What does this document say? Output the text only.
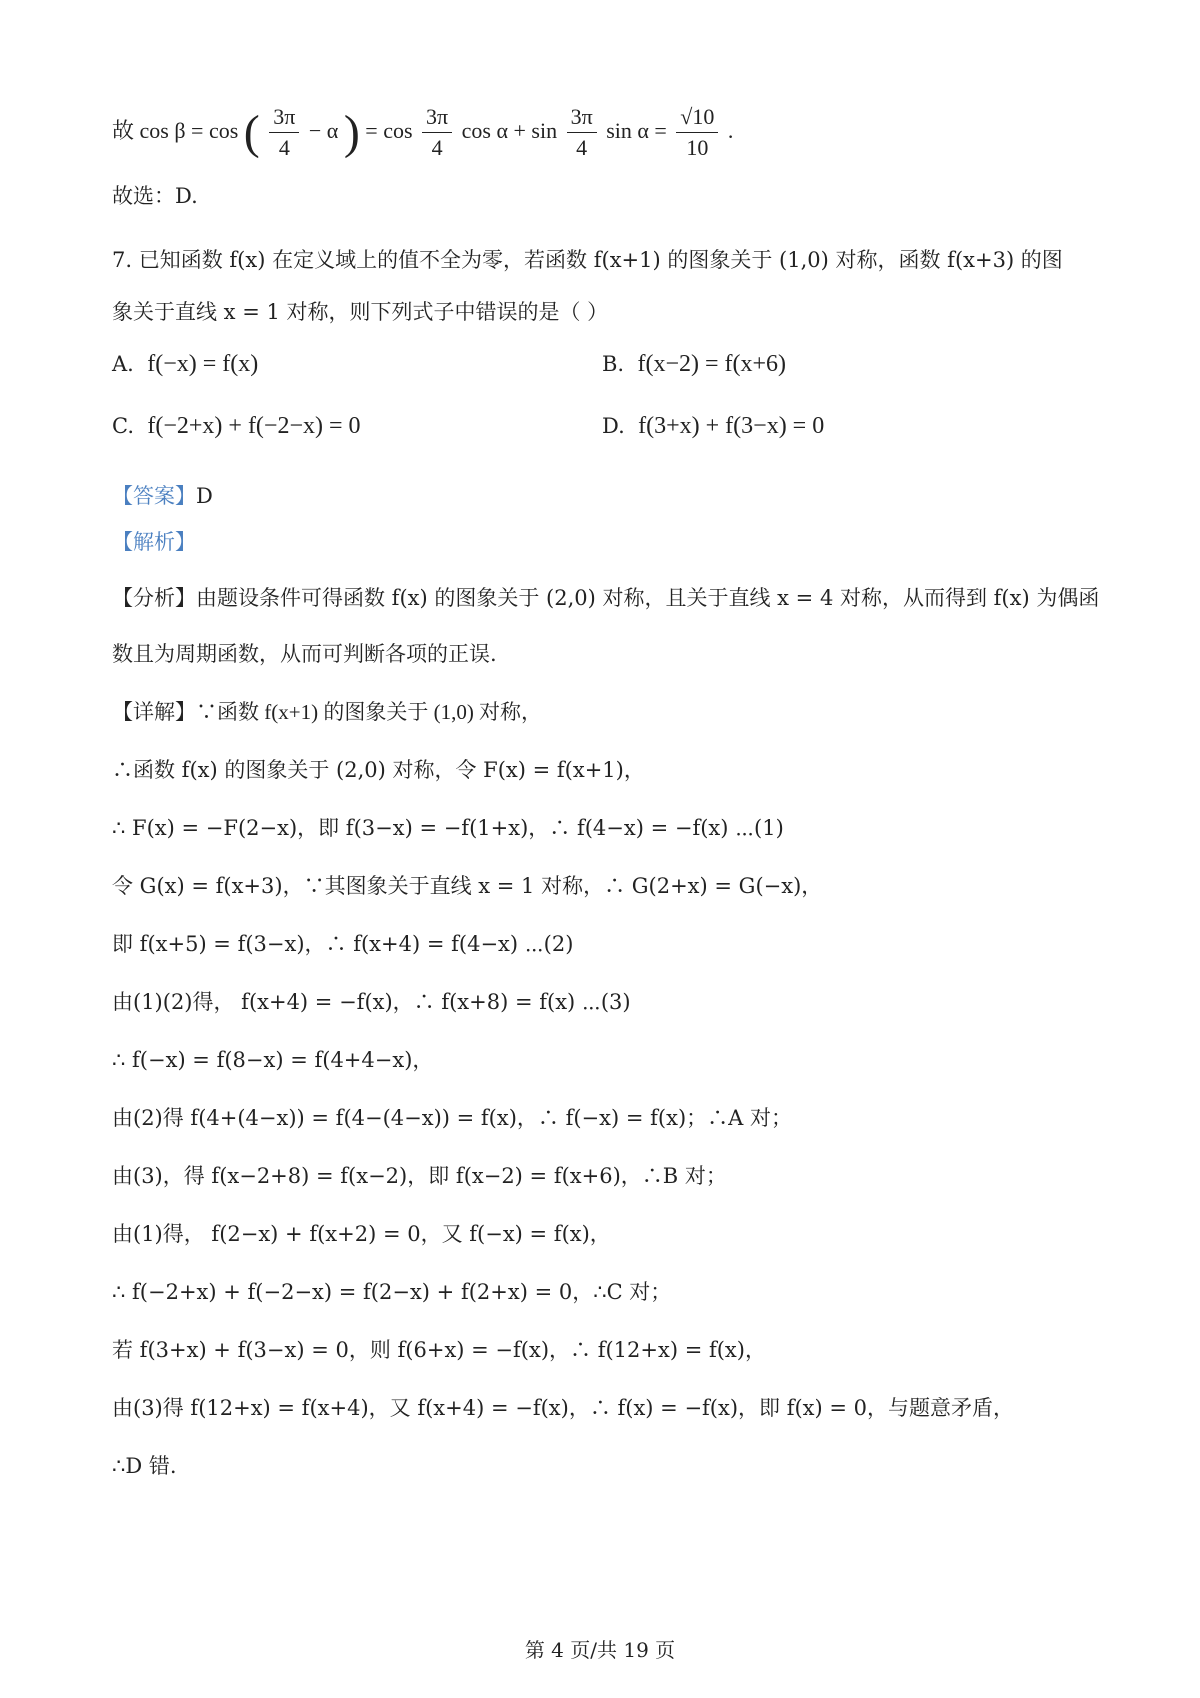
故 cos β = cos ( $\frac{3\pi}{4} - \alpha$ ) = $\cos \frac{3\pi}{4}$ $\cos \alpha + \sin \frac{3\pi}{4}$ $\sin \alpha = \frac{√10}{10}$ .
故选：D.
7. 已知函数 f(x) 在定义域上的值不全为零，若函数 f(x+1) 的图象关于 (1,0) 对称，函数 f(x+3) 的图
象关于直线 x = 1 对称，则下列式子中错误的是（ ）
A. f(−x) = f(x)	B. f(x−2) = f(x+6)
C. f(−2+x) + f(−2−x) = 0	D. f(3+x) + f(3−x) = 0
【答案】D
【解析】
【分析】由题设条件可得函数 f(x) 的图象关于 (2,0) 对称，且关于直线 x = 4 对称，从而得到 f(x) 为偶函
数且为周期函数，从而可判断各项的正误.
【详解】∵函数 f(x+1) 的图象关于 (1,0) 对称，
∴函数 f(x) 的图象关于 (2,0) 对称，令 F(x) = f(x+1)，
∴ F(x) = −F(2−x)，即 f(3−x) = −f(1+x)，∴ f(4−x) = −f(x) ⋯(1)
令 G(x) = f(x+3)，∵其图象关于直线 x = 1 对称，∴ G(2+x) = G(−x)，
即 f(x+5) = f(3−x)，∴ f(x+4) = f(4−x) ⋯(2)
由(1)(2)得， f(x+4) = −f(x)，∴ f(x+8) = f(x) ⋯(3)
∴ f(−x) = f(8−x) = f(4+4−x)，
由(2)得 f(4+(4−x)) = f(4−(4−x)) = f(x)，∴ f(−x) = f(x)；∴A 对；
由(3)，得 f(x−2+8) = f(x−2)，即 f(x−2) = f(x+6)，∴B 对；
由(1)得， f(2−x) + f(x+2) = 0，又 f(−x) = f(x)，
∴ f(−2+x) + f(−2−x) = f(2−x) + f(2+x) = 0，∴C 对；
若 f(3+x) + f(3−x) = 0，则 f(6+x) = −f(x)，∴ f(12+x) = f(x)，
由(3)得 f(12+x) = f(x+4)，又 f(x+4) = −f(x)，∴ f(x) = −f(x)，即 f(x) = 0，与题意矛盾，
∴D 错.
第 4 页/共 19 页
